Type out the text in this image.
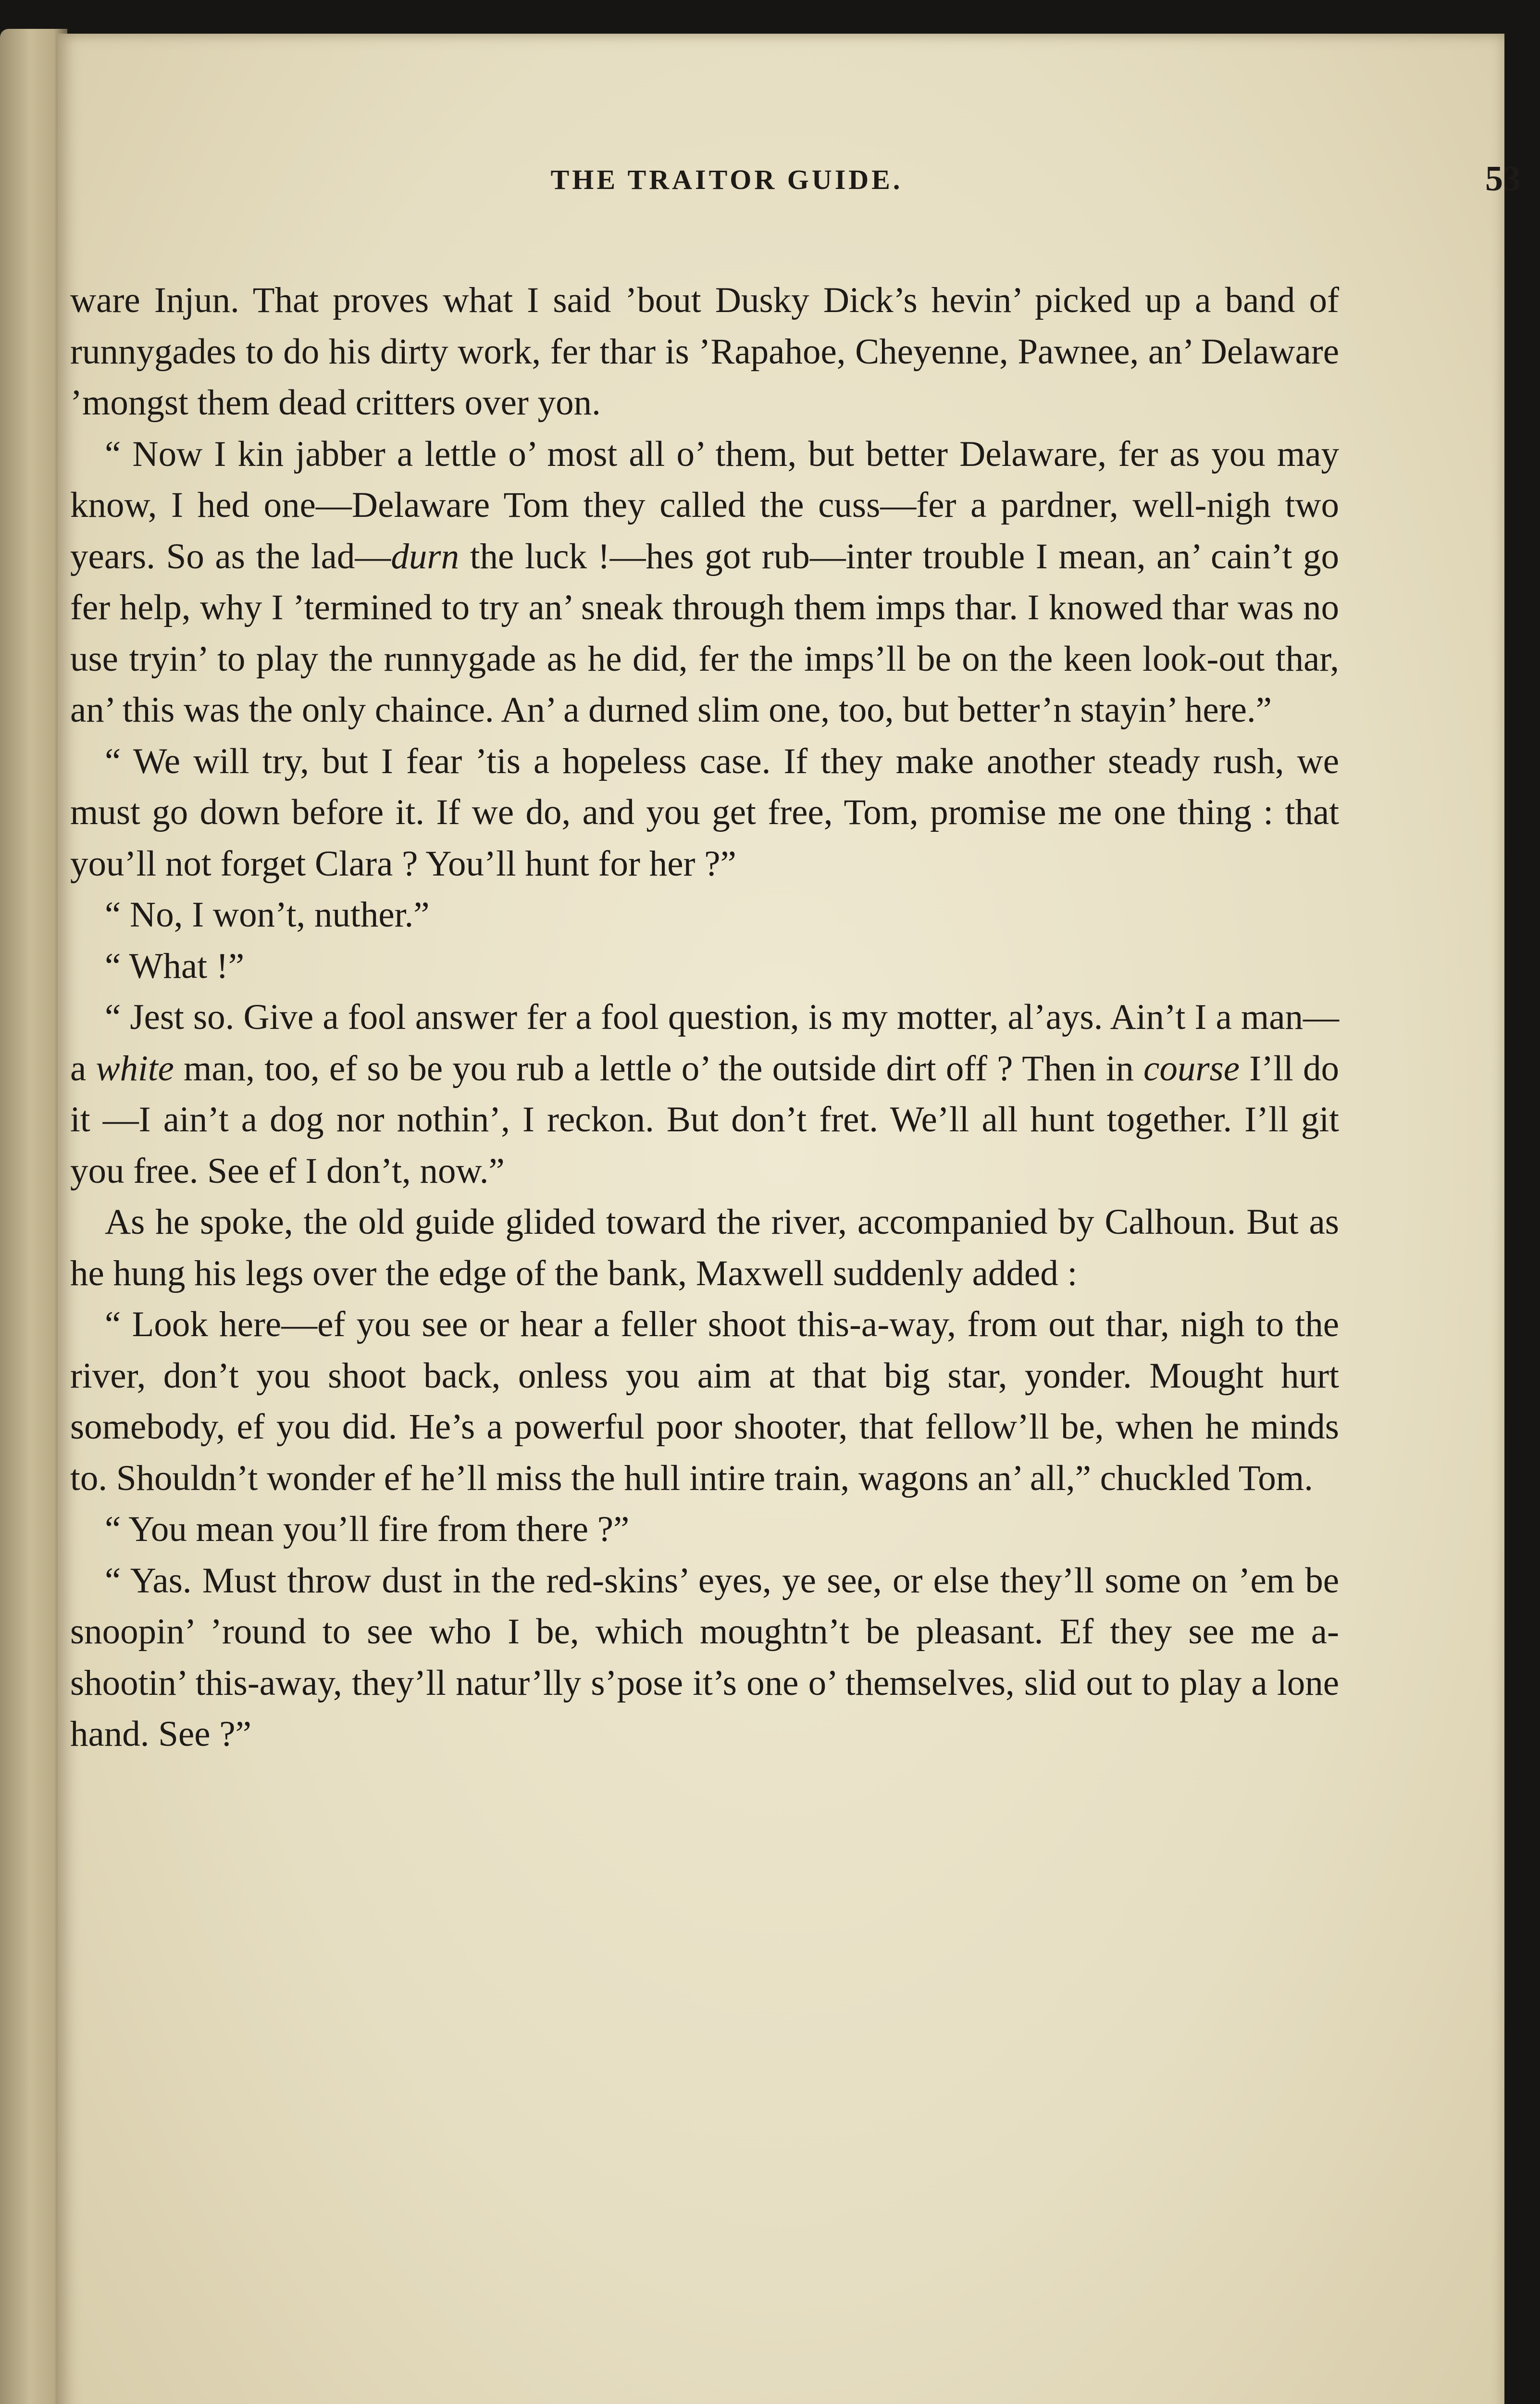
THE TRAITOR GUIDE.	53

ware Injun. That proves what I said ’bout Dusky Dick’s hevin’ picked up a band of runnygades to do his dirty work, fer thar is ’Rapahoe, Cheyenne, Pawnee, an’ Delaware ’mongst them dead critters over yon.

“ Now I kin jabber a lettle o’ most all o’ them, but better Delaware, fer as you may know, I hed one—Delaware Tom they called the cuss—fer a pardner, well-nigh two years. So as the lad—durn the luck !—hes got rub—inter trouble I mean, an’ cain’t go fer help, why I ’termined to try an’ sneak through them imps thar. I knowed thar was no use tryin’ to play the runnygade as he did, fer the imps’ll be on the keen look-out thar, an’ this was the only chaince. An’ a durned slim one, too, but better’n stayin’ here.”

“ We will try, but I fear ’tis a hopeless case. If they make another steady rush, we must go down before it. If we do, and you get free, Tom, promise me one thing : that you’ll not forget Clara ? You’ll hunt for her ?”

“ No, I won’t, nuther.”

“ What !”

“ Jest so. Give a fool answer fer a fool question, is my motter, al’ays. Ain’t I a man—a white man, too, ef so be you rub a lettle o’ the outside dirt off ? Then in course I’ll do it —I ain’t a dog nor nothin’, I reckon. But don’t fret. We’ll all hunt together. I’ll git you free. See ef I don’t, now.”

As he spoke, the old guide glided toward the river, accompanied by Calhoun. But as he hung his legs over the edge of the bank, Maxwell suddenly added :

“ Look here—ef you see or hear a feller shoot this-a-way, from out thar, nigh to the river, don’t you shoot back, onless you aim at that big star, yonder. Mought hurt somebody, ef you did. He’s a powerful poor shooter, that fellow’ll be, when he minds to. Shouldn’t wonder ef he’ll miss the hull intire train, wagons an’ all,” chuckled Tom.

“ You mean you’ll fire from there ?”

“ Yas. Must throw dust in the red-skins’ eyes, ye see, or else they’ll some on ’em be snoopin’ ’round to see who I be, which moughtn’t be pleasant. Ef they see me a-shootin’ this-away, they’ll natur’lly s’pose it’s one o’ themselves, slid out to play a lone hand. See ?”
